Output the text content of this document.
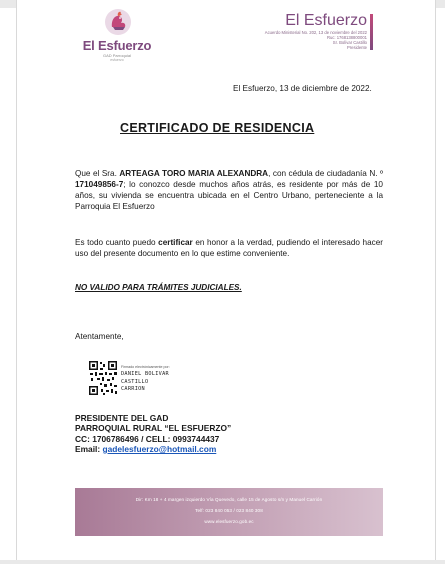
El Esfuerzo
GAD Parroquial
esfuerzo
El Esfuerzo
Acuerdo Ministerial No. 202, 13 de noviembre del 2022
Ruc: 1768138800001
Sr. Bolívar Castillo
Presidente
El Esfuerzo, 13 de diciembre de 2022.
CERTIFICADO DE RESIDENCIA
Que el Sra. ARTEAGA TORO MARIA ALEXANDRA, con cédula de ciudadanía N. º 171049856-7; lo conozco desde muchos años atrás, es residente por más de 10 años, su vivienda se encuentra ubicada en el Centro Urbano, perteneciente a la Parroquia El Esfuerzo
Es todo cuanto puedo certificar en honor a la verdad, pudiendo el interesado hacer uso del presente documento en lo que estime conveniente.
NO VALIDO PARA TRÁMITES JUDICIALES.
Atentamente,
Firmado electrónicamente por:
DANIEL BOLIVAR
CASTILLO
CARRION
PRESIDENTE DEL GAD
PARROQUIAL RURAL “EL ESFUERZO”
CC: 1706786496 / CELL: 0993744437
Email: gadelesfuerzo@hotmail.com
Dir: Km 18 + 4 margen izquierdo Vía Quevedo, calle 15 de Agosto s/n y Manuel Carrión
Telf: 023 840 053 / 023 840 308
www.elesfuerzo.gob.ec
